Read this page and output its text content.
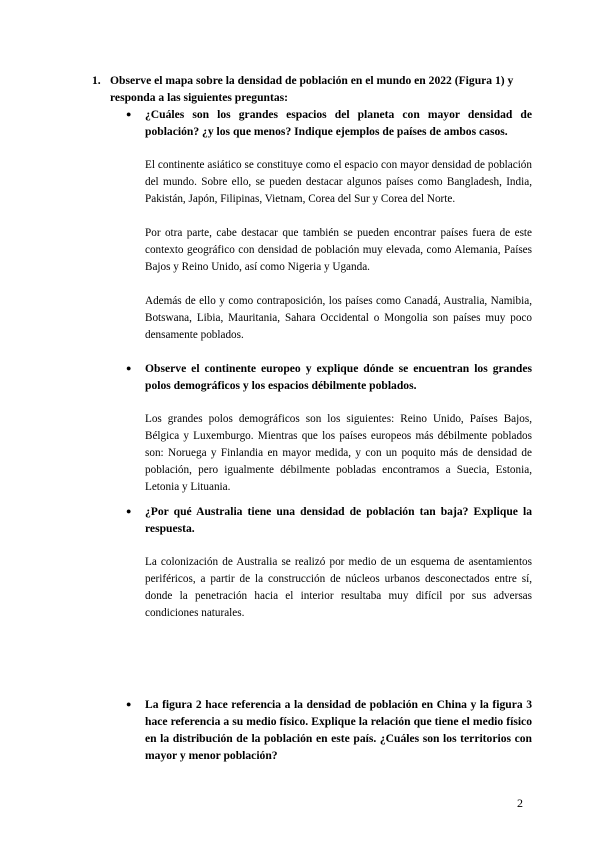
1. Observe el mapa sobre la densidad de población en el mundo en 2022 (Figura 1) y responda a las siguientes preguntas:
● ¿Cuáles son los grandes espacios del planeta con mayor densidad de población? ¿y los que menos? Indique ejemplos de países de ambos casos.

El continente asiático se constituye como el espacio con mayor densidad de población del mundo. Sobre ello, se pueden destacar algunos países como Bangladesh, India, Pakistán, Japón, Filipinas, Vietnam, Corea del Sur y Corea del Norte.

Por otra parte, cabe destacar que también se pueden encontrar países fuera de este contexto geográfico con densidad de población muy elevada, como Alemania, Países Bajos y Reino Unido, así como Nigeria y Uganda.

Además de ello y como contraposición, los países como Canadá, Australia, Namibia, Botswana, Libia, Mauritania, Sahara Occidental o Mongolia son países muy poco densamente poblados.

● Observe el continente europeo y explique dónde se encuentran los grandes polos demográficos y los espacios débilmente poblados.

Los grandes polos demográficos son los siguientes: Reino Unido, Países Bajos, Bélgica y Luxemburgo. Mientras que los países europeos más débilmente poblados son: Noruega y Finlandia en mayor medida, y con un poquito más de densidad de población, pero igualmente débilmente pobladas encontramos a Suecia, Estonia, Letonia y Lituania.

● ¿Por qué Australia tiene una densidad de población tan baja? Explique la respuesta.

La colonización de Australia se realizó por medio de un esquema de asentamientos periféricos, a partir de la construcción de núcleos urbanos desconectados entre sí, donde la penetración hacia el interior resultaba muy difícil por sus adversas condiciones naturales.

● La figura 2 hace referencia a la densidad de población en China y la figura 3 hace referencia a su medio físico. Explique la relación que tiene el medio físico en la distribución de la población en este país. ¿Cuáles son los territorios con mayor y menor población?
2
